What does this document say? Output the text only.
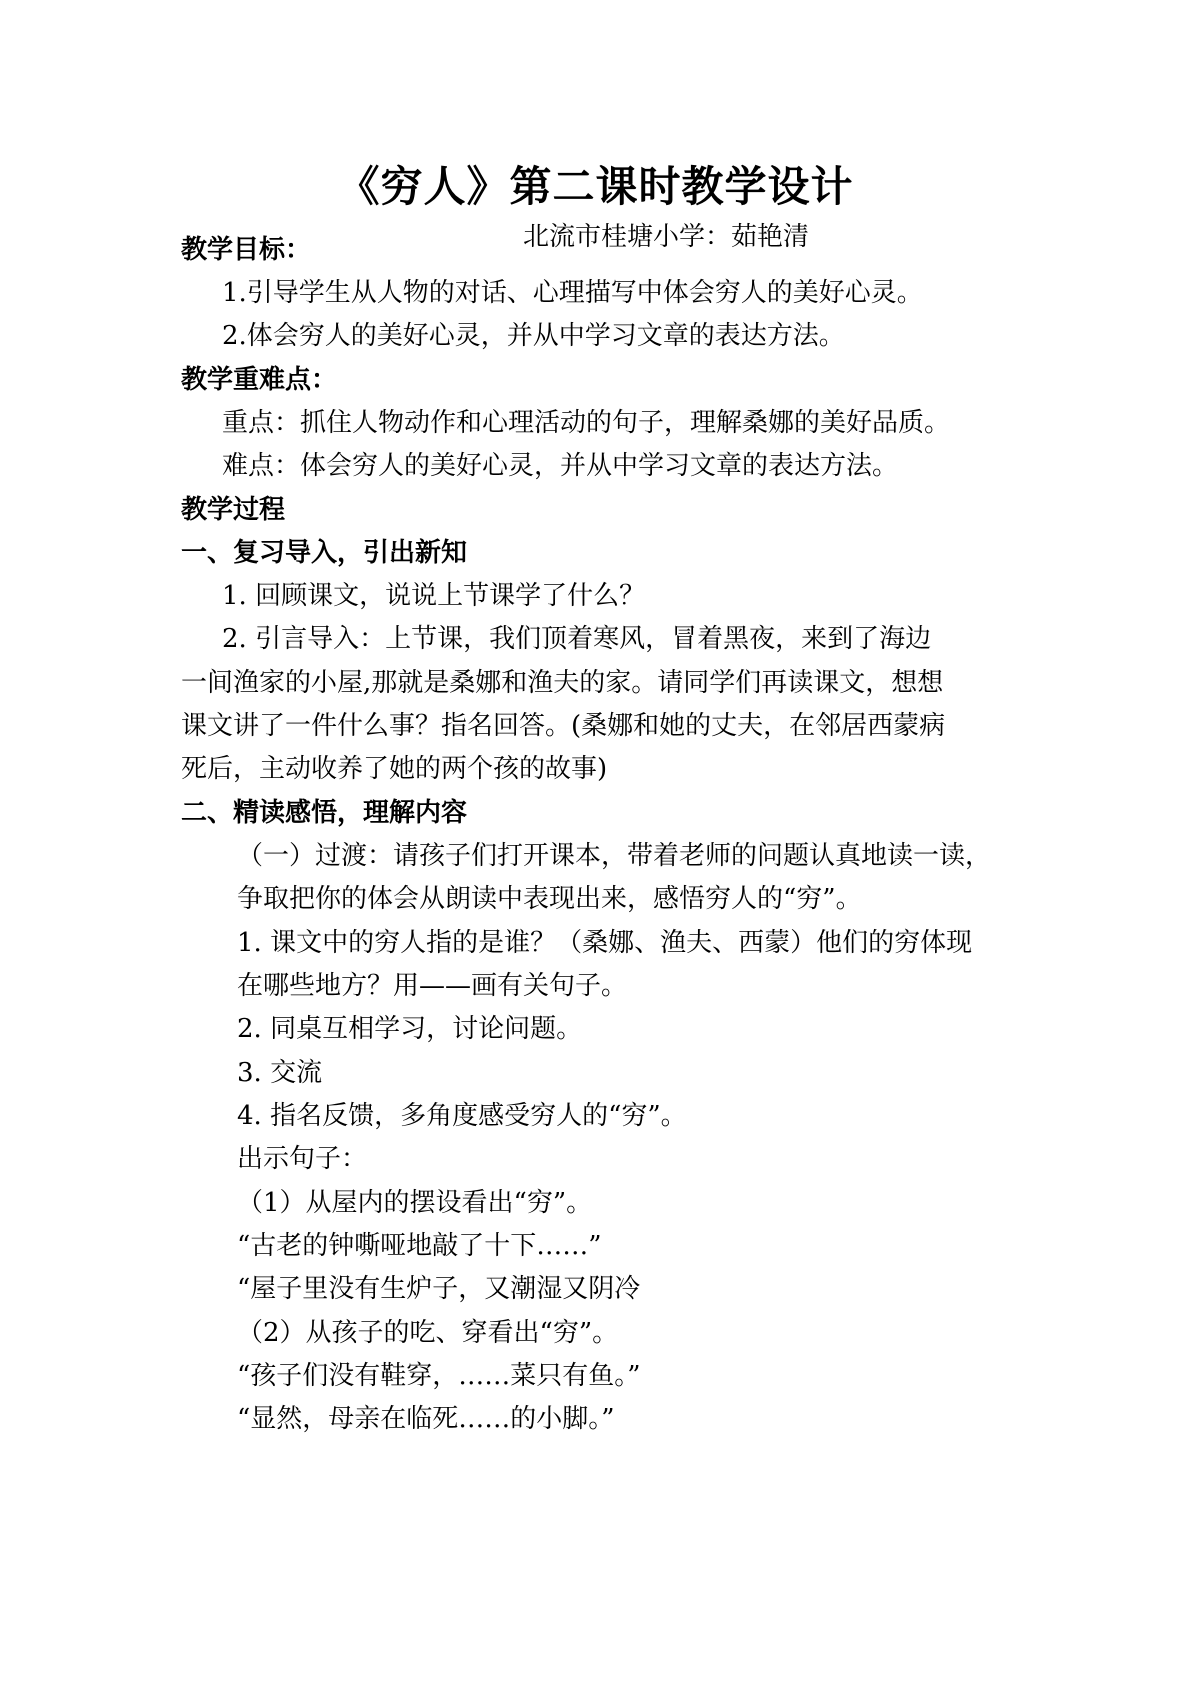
《穷人》第二课时教学设计
北流市桂塘小学：茹艳清
教学目标：
1.引导学生从人物的对话、心理描写中体会穷人的美好心灵。
2.体会穷人的美好心灵，并从中学习文章的表达方法。
教学重难点：
重点：抓住人物动作和心理活动的句子，理解桑娜的美好品质。
难点：体会穷人的美好心灵，并从中学习文章的表达方法。
教学过程
一、复习导入，引出新知
1. 回顾课文，说说上节课学了什么？
2. 引言导入：上节课，我们顶着寒风，冒着黑夜，来到了海边
一间渔家的小屋,那就是桑娜和渔夫的家。请同学们再读课文，想想
课文讲了一件什么事？指名回答。(桑娜和她的丈夫，在邻居西蒙病
死后，主动收养了她的两个孩的故事)
二、精读感悟，理解内容
（一）过渡：请孩子们打开课本，带着老师的问题认真地读一读，
争取把你的体会从朗读中表现出来，感悟穷人的“穷”。
1. 课文中的穷人指的是谁？（桑娜、渔夫、西蒙）他们的穷体现
在哪些地方？用——画有关句子。
2. 同桌互相学习，讨论问题。
3. 交流
4. 指名反馈，多角度感受穷人的“穷”。
出示句子：
（1）从屋内的摆设看出“穷”。
“古老的钟嘶哑地敲了十下……”
“屋子里没有生炉子，又潮湿又阴冷
（2）从孩子的吃、穿看出“穷”。
“孩子们没有鞋穿，……菜只有鱼。”
“显然，母亲在临死……的小脚。”
